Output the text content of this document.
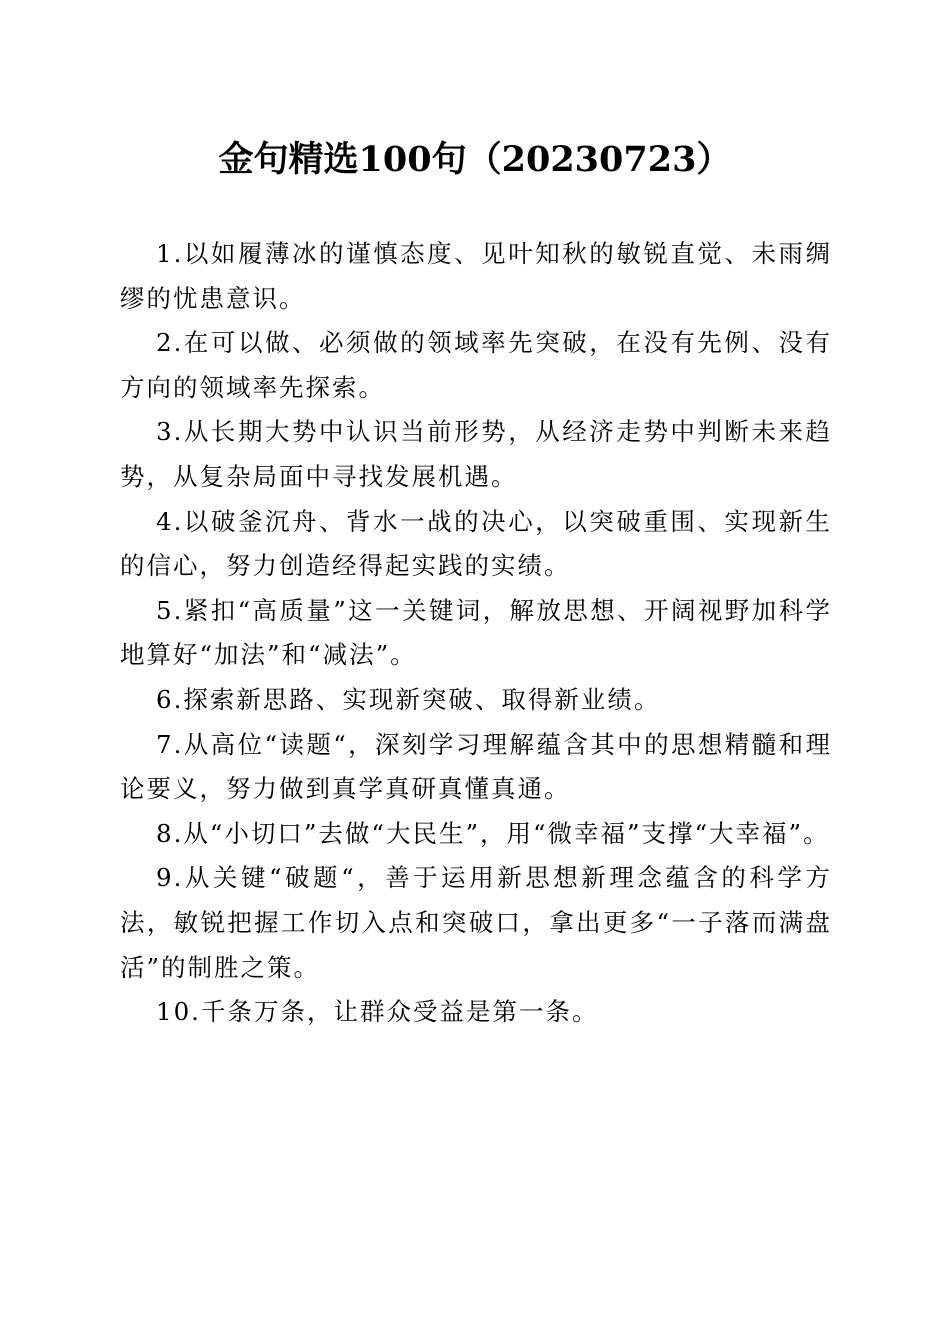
金句精选100句（20230723）

1.以如履薄冰的谨慎态度、见叶知秋的敏锐直觉、未雨绸缪的忧患意识。

2.在可以做、必须做的领域率先突破，在没有先例、没有方向的领域率先探索。

3.从长期大势中认识当前形势，从经济走势中判断未来趋势，从复杂局面中寻找发展机遇。

4.以破釜沉舟、背水一战的决心，以突破重围、实现新生的信心，努力创造经得起实践的实绩。

5.紧扣“高质量”这一关键词，解放思想、开阔视野加科学地算好“加法”和“减法”。

6.探索新思路、实现新突破、取得新业绩。

7.从高位“读题“，深刻学习理解蕴含其中的思想精髓和理论要义，努力做到真学真研真懂真通。

8.从“小切口”去做“大民生”，用“微幸福”支撑“大幸福”。

9.从关键“破题“，善于运用新思想新理念蕴含的科学方法，敏锐把握工作切入点和突破口，拿出更多“一子落而满盘活”的制胜之策。

10.千条万条，让群众受益是第一条。
